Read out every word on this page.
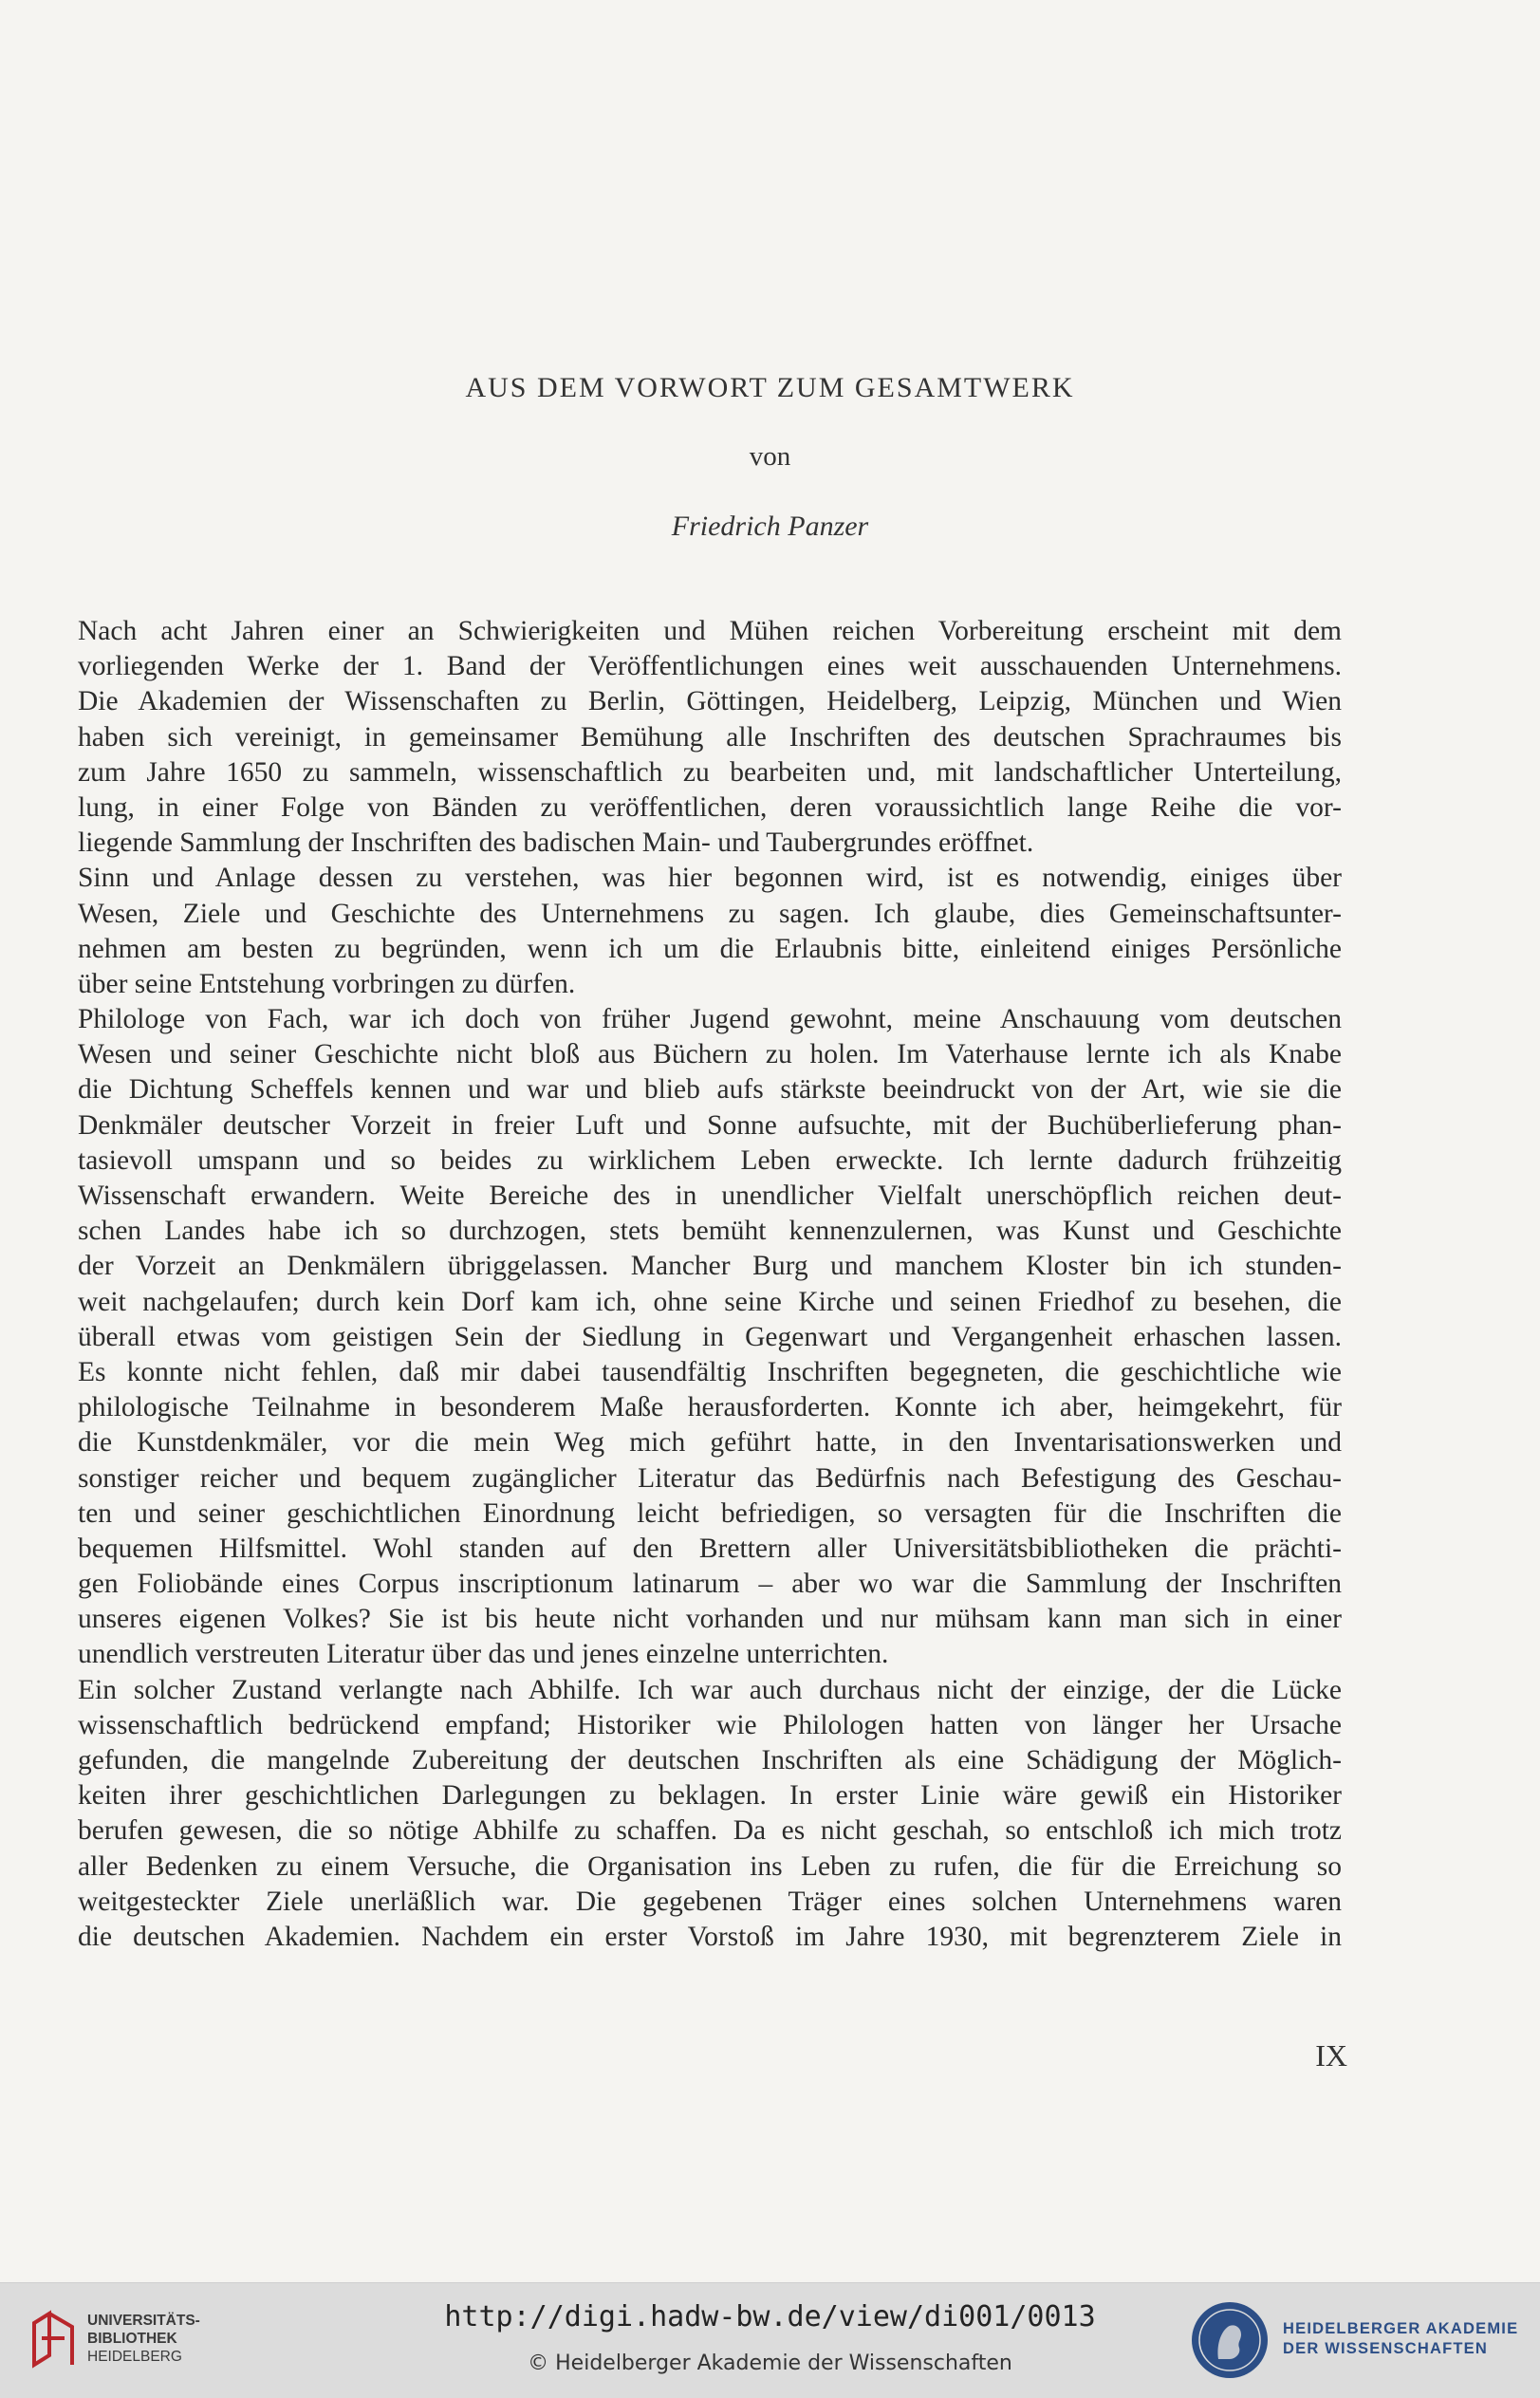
AUS DEM VORWORT ZUM GESAMTWERK
von
Friedrich Panzer
Nach acht Jahren einer an Schwierigkeiten und Mühen reichen Vorbereitung erscheint mit dem
vorliegenden Werke der 1. Band der Veröffentlichungen eines weit ausschauenden Unternehmens.
Die Akademien der Wissenschaften zu Berlin, Göttingen, Heidelberg, Leipzig, München und Wien
haben sich vereinigt, in gemeinsamer Bemühung alle Inschriften des deutschen Sprachraumes bis
zum Jahre 1650 zu sammeln, wissenschaftlich zu bearbeiten und, mit landschaftlicher Unterteilung,
lung, in einer Folge von Bänden zu veröffentlichen, deren voraussichtlich lange Reihe die vor-
liegende Sammlung der Inschriften des badischen Main- und Taubergrundes eröffnet.
Sinn und Anlage dessen zu verstehen, was hier begonnen wird, ist es notwendig, einiges über
Wesen, Ziele und Geschichte des Unternehmens zu sagen. Ich glaube, dies Gemeinschaftsunter-
nehmen am besten zu begründen, wenn ich um die Erlaubnis bitte, einleitend einiges Persönliche
über seine Entstehung vorbringen zu dürfen.
Philologe von Fach, war ich doch von früher Jugend gewohnt, meine Anschauung vom deutschen
Wesen und seiner Geschichte nicht bloß aus Büchern zu holen. Im Vaterhause lernte ich als Knabe
die Dichtung Scheffels kennen und war und blieb aufs stärkste beeindruckt von der Art, wie sie die
Denkmäler deutscher Vorzeit in freier Luft und Sonne aufsuchte, mit der Buchüberlieferung phan-
tasievoll umspann und so beides zu wirklichem Leben erweckte. Ich lernte dadurch frühzeitig
Wissenschaft erwandern. Weite Bereiche des in unendlicher Vielfalt unerschöpflich reichen deut-
schen Landes habe ich so durchzogen, stets bemüht kennenzulernen, was Kunst und Geschichte
der Vorzeit an Denkmälern übriggelassen. Mancher Burg und manchem Kloster bin ich stunden-
weit nachgelaufen; durch kein Dorf kam ich, ohne seine Kirche und seinen Friedhof zu besehen, die
überall etwas vom geistigen Sein der Siedlung in Gegenwart und Vergangenheit erhaschen lassen.
Es konnte nicht fehlen, daß mir dabei tausendfältig Inschriften begegneten, die geschichtliche wie
philologische Teilnahme in besonderem Maße herausforderten. Konnte ich aber, heimgekehrt, für
die Kunstdenkmäler, vor die mein Weg mich geführt hatte, in den Inventarisationswerken und
sonstiger reicher und bequem zugänglicher Literatur das Bedürfnis nach Befestigung des Geschau-
ten und seiner geschichtlichen Einordnung leicht befriedigen, so versagten für die Inschriften die
bequemen Hilfsmittel. Wohl standen auf den Brettern aller Universitätsbibliotheken die prächti-
gen Foliobände eines Corpus inscriptionum latinarum – aber wo war die Sammlung der Inschriften
unseres eigenen Volkes? Sie ist bis heute nicht vorhanden und nur mühsam kann man sich in einer
unendlich verstreuten Literatur über das und jenes einzelne unterrichten.
Ein solcher Zustand verlangte nach Abhilfe. Ich war auch durchaus nicht der einzige, der die Lücke
wissenschaftlich bedrückend empfand; Historiker wie Philologen hatten von länger her Ursache
gefunden, die mangelnde Zubereitung der deutschen Inschriften als eine Schädigung der Möglich-
keiten ihrer geschichtlichen Darlegungen zu beklagen. In erster Linie wäre gewiß ein Historiker
berufen gewesen, die so nötige Abhilfe zu schaffen. Da es nicht geschah, so entschloß ich mich trotz
aller Bedenken zu einem Versuche, die Organisation ins Leben zu rufen, die für die Erreichung so
weitgesteckter Ziele unerläßlich war. Die gegebenen Träger eines solchen Unternehmens waren
die deutschen Akademien. Nachdem ein erster Vorstoß im Jahre 1930, mit begrenzterem Ziele in
IX
UNIVERSITÄTS-
BIBLIOTHEK
HEIDELBERG
http://digi.hadw-bw.de/view/di001/0013
© Heidelberger Akademie der Wissenschaften
HEIDELBERGER AKADEMIE
DER WISSENSCHAFTEN
